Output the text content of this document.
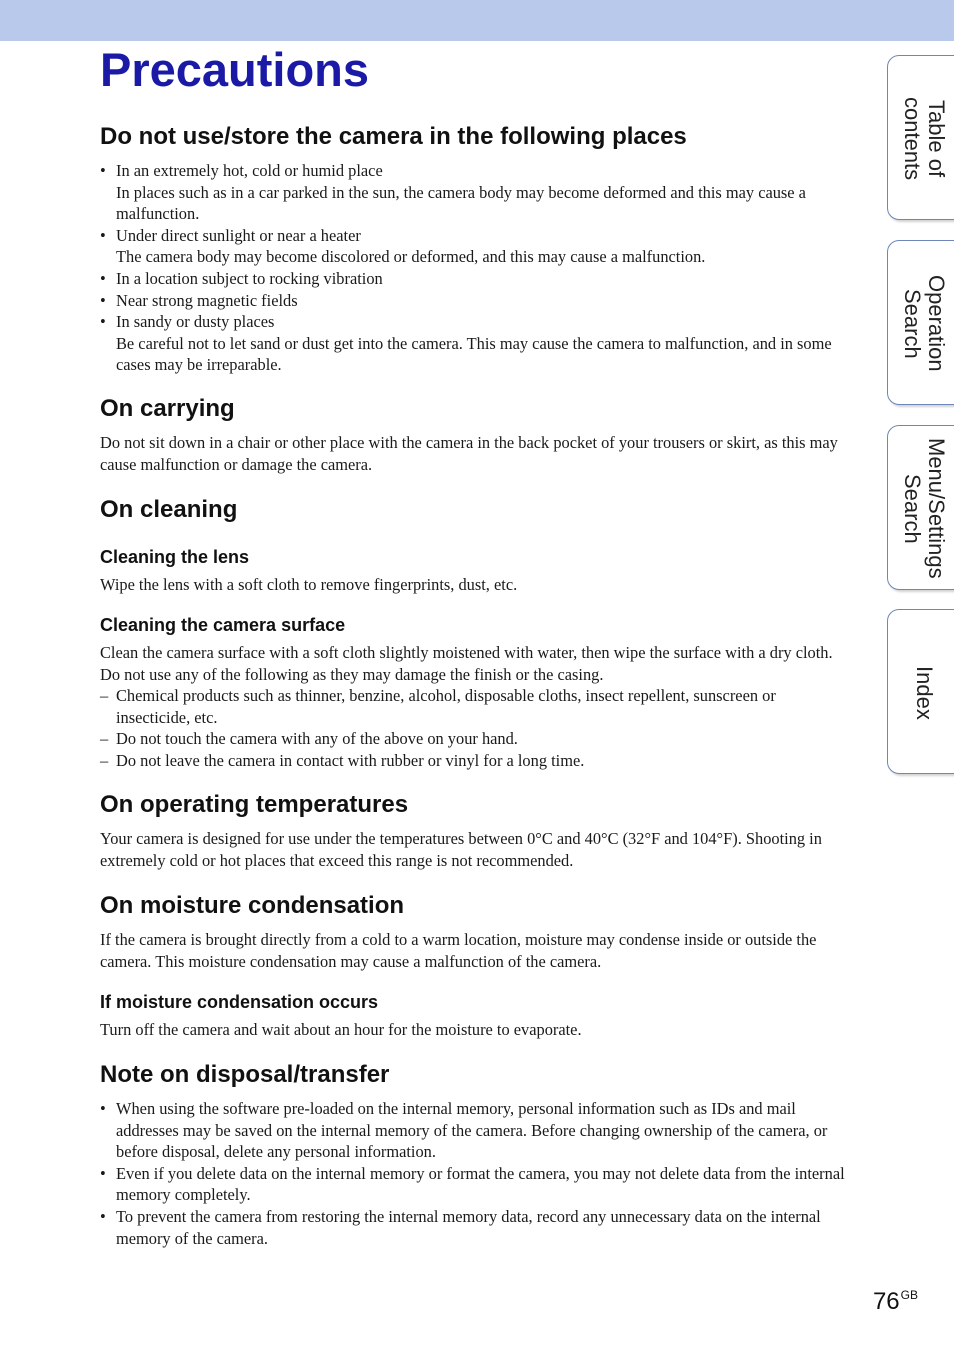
Precautions
Do not use/store the camera in the following places
• In an extremely hot, cold or humid place
In places such as in a car parked in the sun, the camera body may become deformed and this may cause a malfunction.
• Under direct sunlight or near a heater
The camera body may become discolored or deformed, and this may cause a malfunction.
• In a location subject to rocking vibration
• Near strong magnetic fields
• In sandy or dusty places
Be careful not to let sand or dust get into the camera. This may cause the camera to malfunction, and in some cases may be irreparable.
On carrying

Do not sit down in a chair or other place with the camera in the back pocket of your trousers or skirt, as this may cause malfunction or damage the camera.

On cleaning
Cleaning the lens

Wipe the lens with a soft cloth to remove fingerprints, dust, etc.

Cleaning the camera surface

Clean the camera surface with a soft cloth slightly moistened with water, then wipe the surface with a dry cloth. Do not use any of the following as they may damage the finish or the casing.

– Chemical products such as thinner, benzine, alcohol, disposable cloths, insect repellent, sunscreen or insecticide, etc.
– Do not touch the camera with any of the above on your hand.
– Do not leave the camera in contact with rubber or vinyl for a long time.
On operating temperatures

Your camera is designed for use under the temperatures between 0°C and 40°C (32°F and 104°F). Shooting in extremely cold or hot places that exceed this range is not recommended.

On moisture condensation

If the camera is brought directly from a cold to a warm location, moisture may condense inside or outside the camera. This moisture condensation may cause a malfunction of the camera.

If moisture condensation occurs

Turn off the camera and wait about an hour for the moisture to evaporate.

Note on disposal/transfer
• When using the software pre-loaded on the internal memory, personal information such as IDs and mail addresses may be saved on the internal memory of the camera. Before changing ownership of the camera, or before disposal, delete any personal information.
• Even if you delete data on the internal memory or format the camera, you may not delete data from the internal memory completely.
• To prevent the camera from restoring the internal memory data, record any unnecessary data on the internal memory of the camera.
Table of contents
Operation Search
Menu/Settings Search
Index
$76^{GB}$
